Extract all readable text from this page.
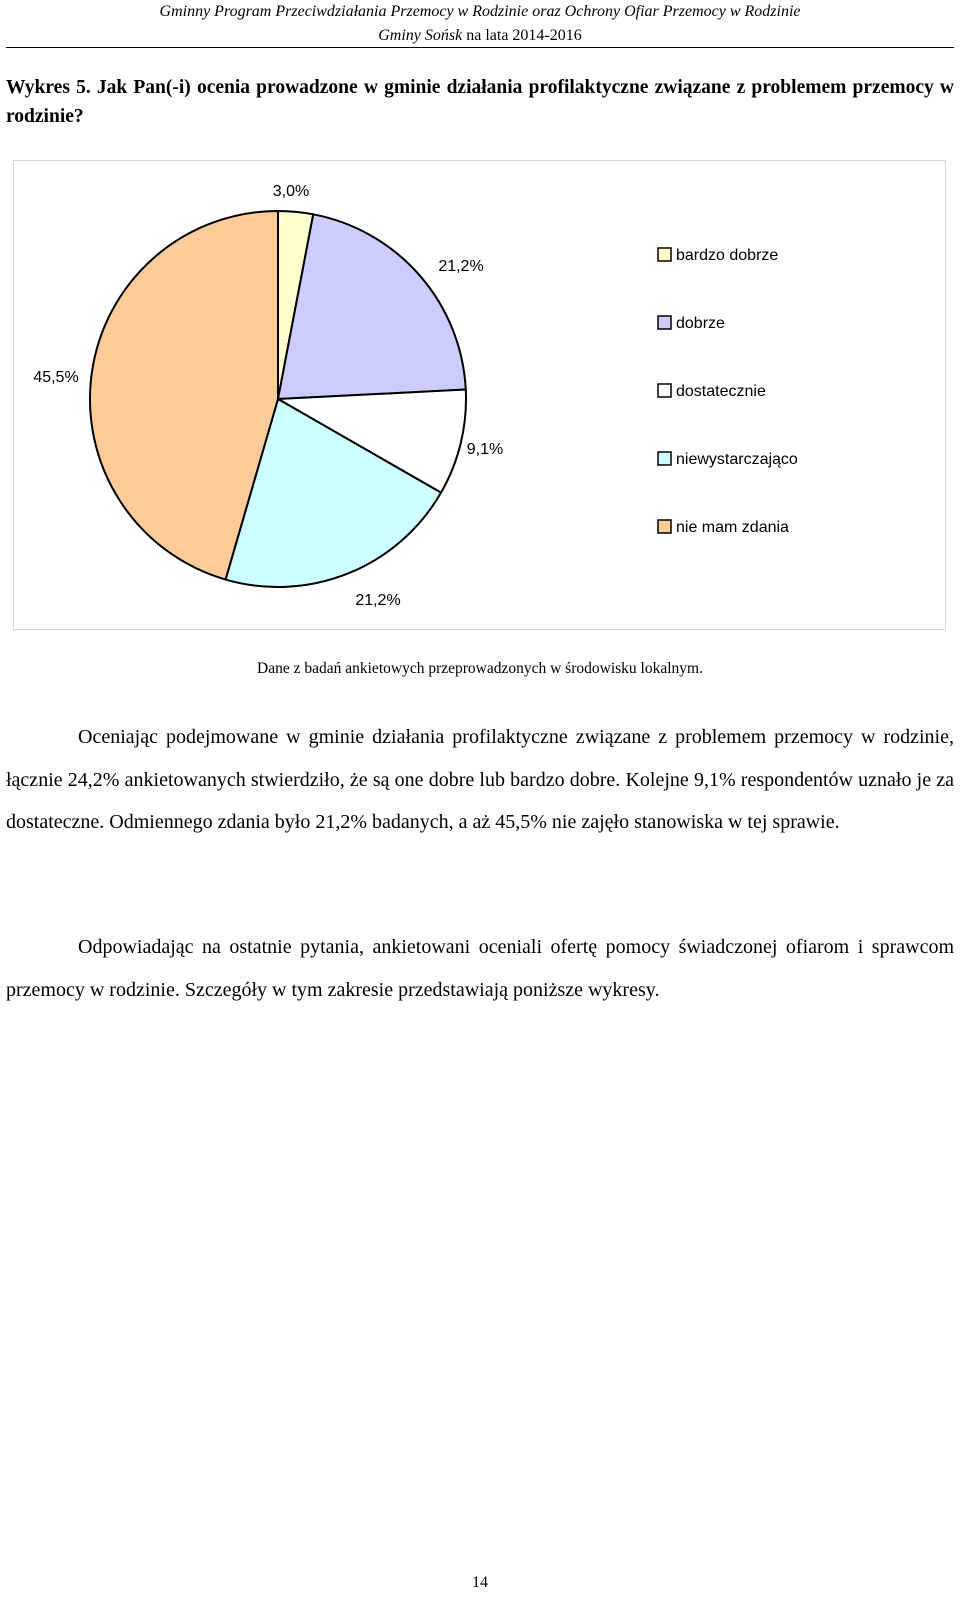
Gminny Program Przeciwdziałania Przemocy w Rodzinie oraz Ochrony Ofiar Przemocy w Rodzinie
Gminy Sońsk na lata 2014-2016
Wykres 5. Jak Pan(-i) ocenia prowadzone w gminie działania profilaktyczne związane z problemem przemocy w rodzinie?
3,0%
21,2%
9,1%
21,2%
45,5%
bardzo dobrze
dobrze
dostatecznie
niewystarczająco
nie mam zdania
Dane z badań ankietowych przeprowadzonych w środowisku lokalnym.

Oceniając podejmowane w gminie działania profilaktyczne związane z problemem przemocy w rodzinie, łącznie 24,2% ankietowanych stwierdziło, że są one dobre lub bardzo dobre. Kolejne 9,1% respondentów uznało je za dostateczne. Odmiennego zdania było 21,2% badanych, a aż 45,5% nie zajęło stanowiska w tej sprawie.

Odpowiadając na ostatnie pytania, ankietowani oceniali ofertę pomocy świadczonej ofiarom i sprawcom przemocy w rodzinie. Szczegóły w tym zakresie przedstawiają poniższe wykresy.

14
